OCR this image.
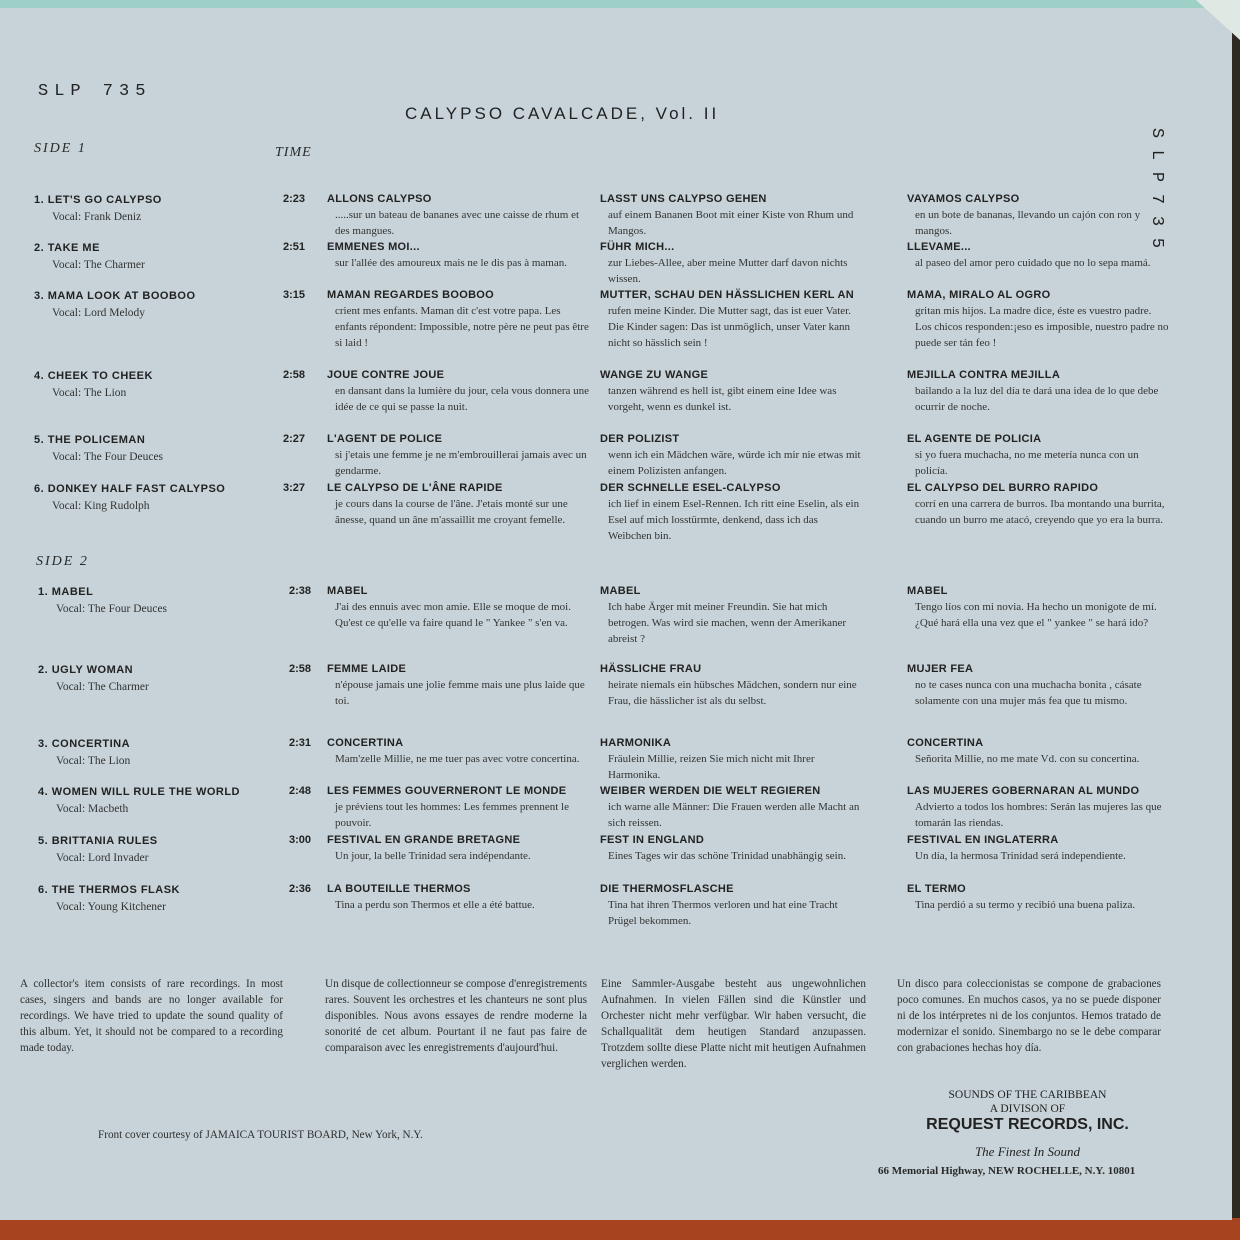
SLP 735
S
L
P
7
3
5
CALYPSO CAVALCADE, Vol. II
SIDE 1	TIME
SIDE 2
1. LET'S GO CALYPSO
Vocal: Frank Deniz
2:23 ALLONS CALYPSO
.....sur un bateau de bananes avec une caisse de rhum et des mangues.
LASST UNS CALYPSO GEHEN
auf einem Bananen Boot mit einer Kiste von Rhum und Mangos.
VAYAMOS CALYPSO
en un bote de bananas, llevando un cajón con ron y mangos.
2. TAKE ME
Vocal: The Charmer
2:51 EMMENES MOI...
sur l'allée des amoureux mais ne le dis pas à maman.
FÜHR MICH...
zur Liebes-Allee, aber meine Mutter darf davon nichts wissen.
LLEVAME...
al paseo del amor pero cuidado que no lo sepa mamá.
3. MAMA LOOK AT BOOBOO
Vocal: Lord Melody
3:15 MAMAN REGARDES BOOBOO
crient mes enfants. Maman dit c'est votre papa. Les enfants répondent: Impossible, notre père ne peut pas être si laid !
MUTTER, SCHAU DEN HÄSSLICHEN KERL AN
rufen meine Kinder. Die Mutter sagt, das ist euer Vater. Die Kinder sagen: Das ist unmöglich, unser Vater kann nicht so hässlich sein !
MAMA, MIRALO AL OGRO
gritan mis hijos. La madre dice, éste es vuestro padre. Los chicos responden:¡eso es imposible, nuestro padre no puede ser tán feo !
4. CHEEK TO CHEEK
Vocal: The Lion
2:58 JOUE CONTRE JOUE
en dansant dans la lumière du jour, cela vous donnera une idée de ce qui se passe la nuit.
WANGE ZU WANGE
tanzen während es hell ist, gibt einem eine Idee was vorgeht, wenn es dunkel ist.
MEJILLA CONTRA MEJILLA
bailando a la luz del día te dará una idea de lo que debe ocurrir de noche.
5. THE POLICEMAN
Vocal: The Four Deuces
2:27 L'AGENT DE POLICE
si j'etais une femme je ne m'embrouillerai jamais avec un gendarme.
DER POLIZIST
wenn ich ein Mädchen wäre, würde ich mir nie etwas mit einem Polizisten anfangen.
EL AGENTE DE POLICIA
si yo fuera muchacha, no me metería nunca con un policía.
6. DONKEY HALF FAST CALYPSO
Vocal: King Rudolph
3:27 LE CALYPSO DE L'ÂNE RAPIDE
je cours dans la course de l'âne. J'etais monté sur une ânesse, quand un âne m'assaillit me croyant femelle.
DER SCHNELLE ESEL-CALYPSO
ich lief in einem Esel-Rennen. Ich ritt eine Eselin, als ein Esel auf mich losstürmte, denkend, dass ich das Weibchen bin.
EL CALYPSO DEL BURRO RAPIDO
corrí en una carrera de burros. Iba montando una burrita, cuando un burro me atacó, creyendo que yo era la burra.
1. MABEL
Vocal: The Four Deuces
2:38 MABEL
J'ai des ennuis avec mon amie. Elle se moque de moi. Qu'est ce qu'elle va faire quand le " Yankee " s'en va.
MABEL
Ich habe Ärger mit meiner Freundin. Sie hat mich betrogen. Was wird sie machen, wenn der Amerikaner abreist ?
MABEL
Tengo líos con mi novia. Ha hecho un monigote de mí. ¿Qué hará ella una vez que el " yankee " se hará ido?
2. UGLY WOMAN
Vocal: The Charmer
2:58 FEMME LAIDE
n'épouse jamais une jolie femme mais une plus laide que toi.
HÄSSLICHE FRAU
heirate niemals ein hübsches Mädchen, sondern nur eine Frau, die hässlicher ist als du selbst.
MUJER FEA
no te cases nunca con una muchacha bonita , cásate solamente con una mujer más fea que tu mismo.
3. CONCERTINA
Vocal: The Lion
2:31 CONCERTINA
Mam'zelle Millie, ne me tuer pas avec votre concertina.
HARMONIKA
Fräulein Millie, reizen Sie mich nicht mit Ihrer Harmonika.
CONCERTINA
Señorita Millie, no me mate Vd. con su concertina.
4. WOMEN WILL RULE THE WORLD
Vocal: Macbeth
2:48 LES FEMMES GOUVERNERONT LE MONDE
je préviens tout les hommes: Les femmes prennent le pouvoir.
WEIBER WERDEN DIE WELT REGIEREN
ich warne alle Männer: Die Frauen werden alle Macht an sich reissen.
LAS MUJERES GOBERNARAN AL MUNDO
Advierto a todos los hombres: Serán las mujeres las que tomarán las riendas.
5. BRITTANIA RULES
Vocal: Lord Invader
3:00 FESTIVAL EN GRANDE BRETAGNE
Un jour, la belle Trinidad sera indépendante.
FEST IN ENGLAND
Eines Tages wir das schöne Trinidad unabhängig sein.
FESTIVAL EN INGLATERRA
Un día, la hermosa Trinidad será independiente.
6. THE THERMOS FLASK
Vocal: Young Kitchener
2:36 LA BOUTEILLE THERMOS
Tina a perdu son Thermos et elle a été battue.
DIE THERMOSFLASCHE
Tina hat ihren Thermos verloren und hat eine Tracht Prügel bekommen.
EL TERMO
Tina perdió a su termo y recibió una buena paliza.
A collector's item consists of rare recordings. In most cases, singers and bands are no longer available for recordings. We have tried to update the sound quality of this album. Yet, it should not be compared to a recording made today.
Un disque de collectionneur se compose d'enregistrements rares. Souvent les orchestres et les chanteurs ne sont plus disponibles. Nous avons essayes de rendre moderne la sonorité de cet album. Pourtant il ne faut pas faire de comparaison avec les enregistrements d'aujourd'hui.
Eine Sammler-Ausgabe besteht aus ungewohnlichen Aufnahmen. In vielen Fällen sind die Künstler und Orchester nicht mehr verfügbar. Wir haben versucht, die Schallqualität dem heutigen Standard anzupassen. Trotzdem sollte diese Platte nicht mit heutigen Aufnahmen verglichen werden.
Un disco para coleccionistas se compone de grabaciones poco comunes. En muchos casos, ya no se puede disponer ni de los intérpretes ni de los conjuntos. Hemos tratado de modernizar el sonido. Sinembargo no se le debe comparar con grabaciones hechas hoy día.
Front cover courtesy of JAMAICA TOURIST BOARD, New York, N.Y.
SOUNDS OF THE CARIBBEAN
A DIVISON OF
REQUEST RECORDS, INC.
The Finest In Sound
66 Memorial Highway, NEW ROCHELLE, N.Y. 10801
